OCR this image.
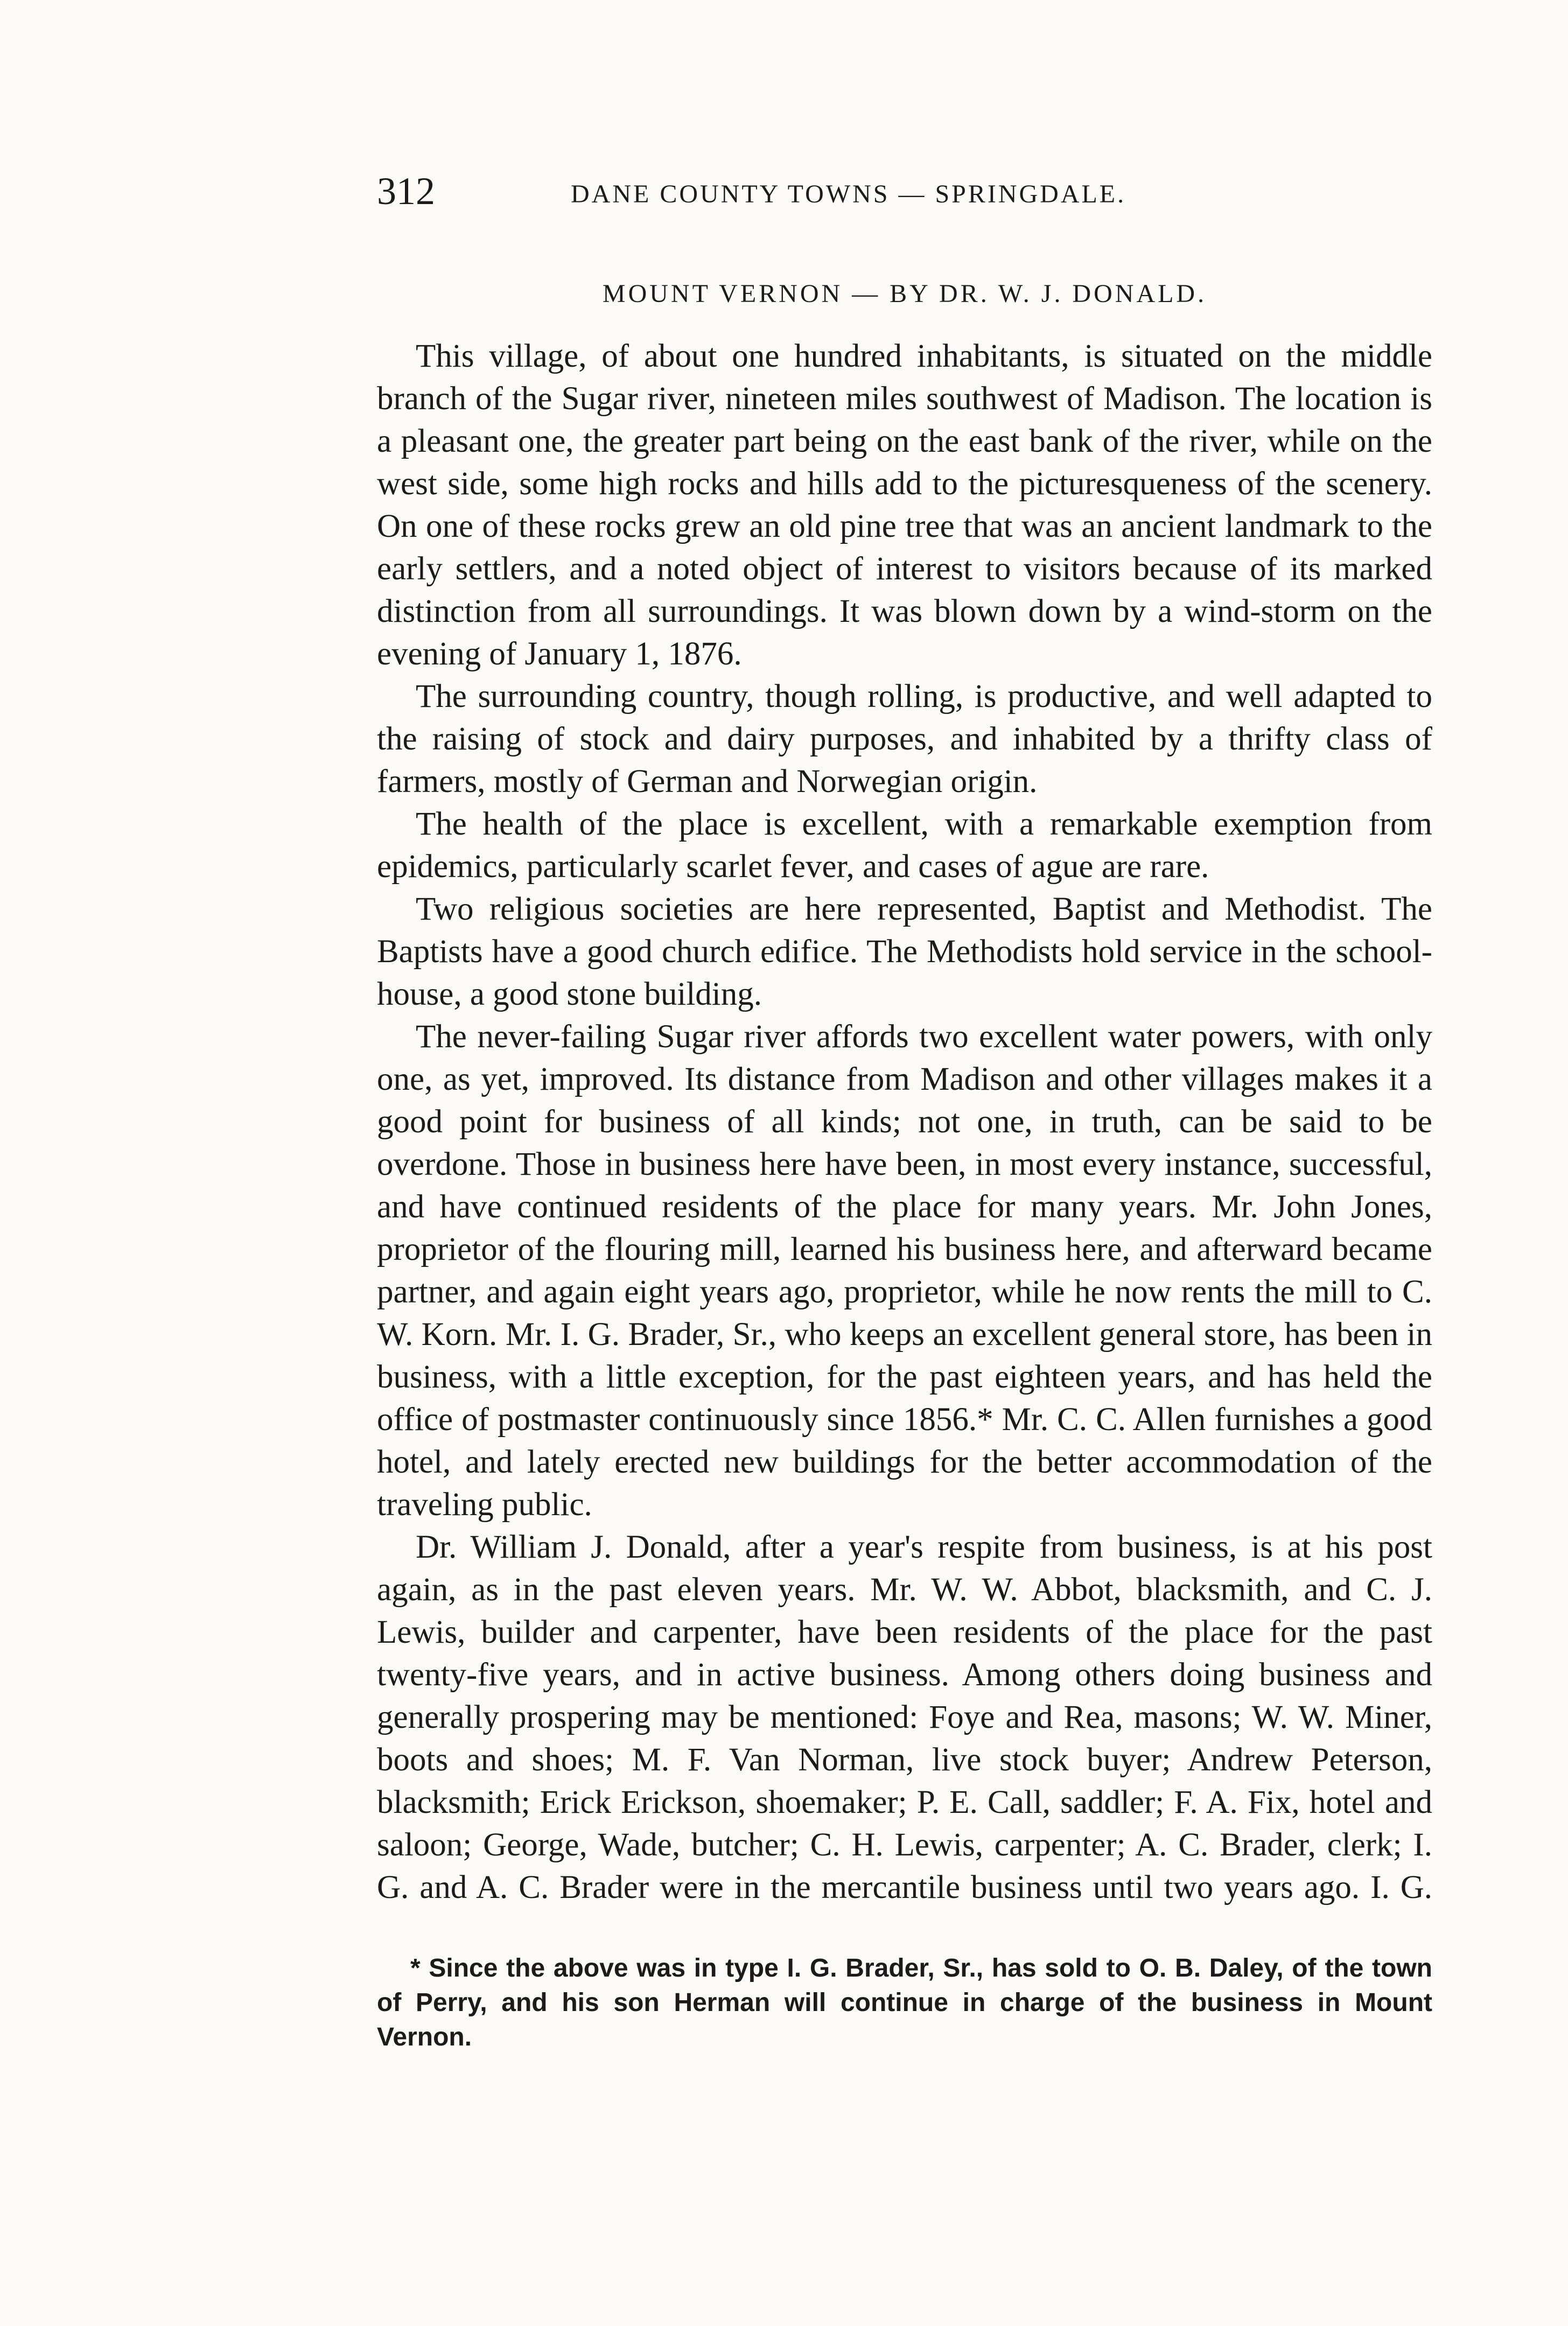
312	DANE COUNTY TOWNS — SPRINGDALE.
MOUNT VERNON — BY DR. W. J. DONALD.

This village, of about one hundred inhabitants, is situated on the middle branch of the Sugar river, nineteen miles southwest of Madison. The location is a pleasant one, the greater part being on the east bank of the river, while on the west side, some high rocks and hills add to the picturesqueness of the scenery. On one of these rocks grew an old pine tree that was an ancient landmark to the early settlers, and a noted object of interest to visitors because of its marked distinction from all surroundings. It was blown down by a wind-storm on the evening of January 1, 1876.

The surrounding country, though rolling, is productive, and well adapted to the raising of stock and dairy purposes, and inhabited by a thrifty class of farmers, mostly of German and Norwegian origin.

The health of the place is excellent, with a remarkable exemption from epidemics, particularly scarlet fever, and cases of ague are rare.

Two religious societies are here represented, Baptist and Methodist. The Baptists have a good church edifice. The Methodists hold service in the school-house, a good stone building.

The never-failing Sugar river affords two excellent water powers, with only one, as yet, improved. Its distance from Madison and other villages makes it a good point for business of all kinds; not one, in truth, can be said to be overdone. Those in business here have been, in most every instance, successful, and have continued residents of the place for many years. Mr. John Jones, proprietor of the flouring mill, learned his business here, and afterward became partner, and again eight years ago, proprietor, while he now rents the mill to C. W. Korn. Mr. I. G. Brader, Sr., who keeps an excellent general store, has been in business, with a little exception, for the past eighteen years, and has held the office of postmaster continuously since 1856.* Mr. C. C. Allen furnishes a good hotel, and lately erected new buildings for the better accommodation of the traveling public.

Dr. William J. Donald, after a year's respite from business, is at his post again, as in the past eleven years. Mr. W. W. Abbot, blacksmith, and C. J. Lewis, builder and carpenter, have been residents of the place for the past twenty-five years, and in active business. Among others doing business and generally prospering may be mentioned: Foye and Rea, masons; W. W. Miner, boots and shoes; M. F. Van Norman, live stock buyer; Andrew Peterson, blacksmith; Erick Erickson, shoemaker; P. E. Call, saddler; F. A. Fix, hotel and saloon; George, Wade, butcher; C. H. Lewis, carpenter; A. C. Brader, clerk; I. G. and A. C. Brader were in the mercantile business until two years ago. I. G.

* Since the above was in type I. G. Brader, Sr., has sold to O. B. Daley, of the town of Perry, and his son Herman will continue in charge of the business in Mount Vernon.
